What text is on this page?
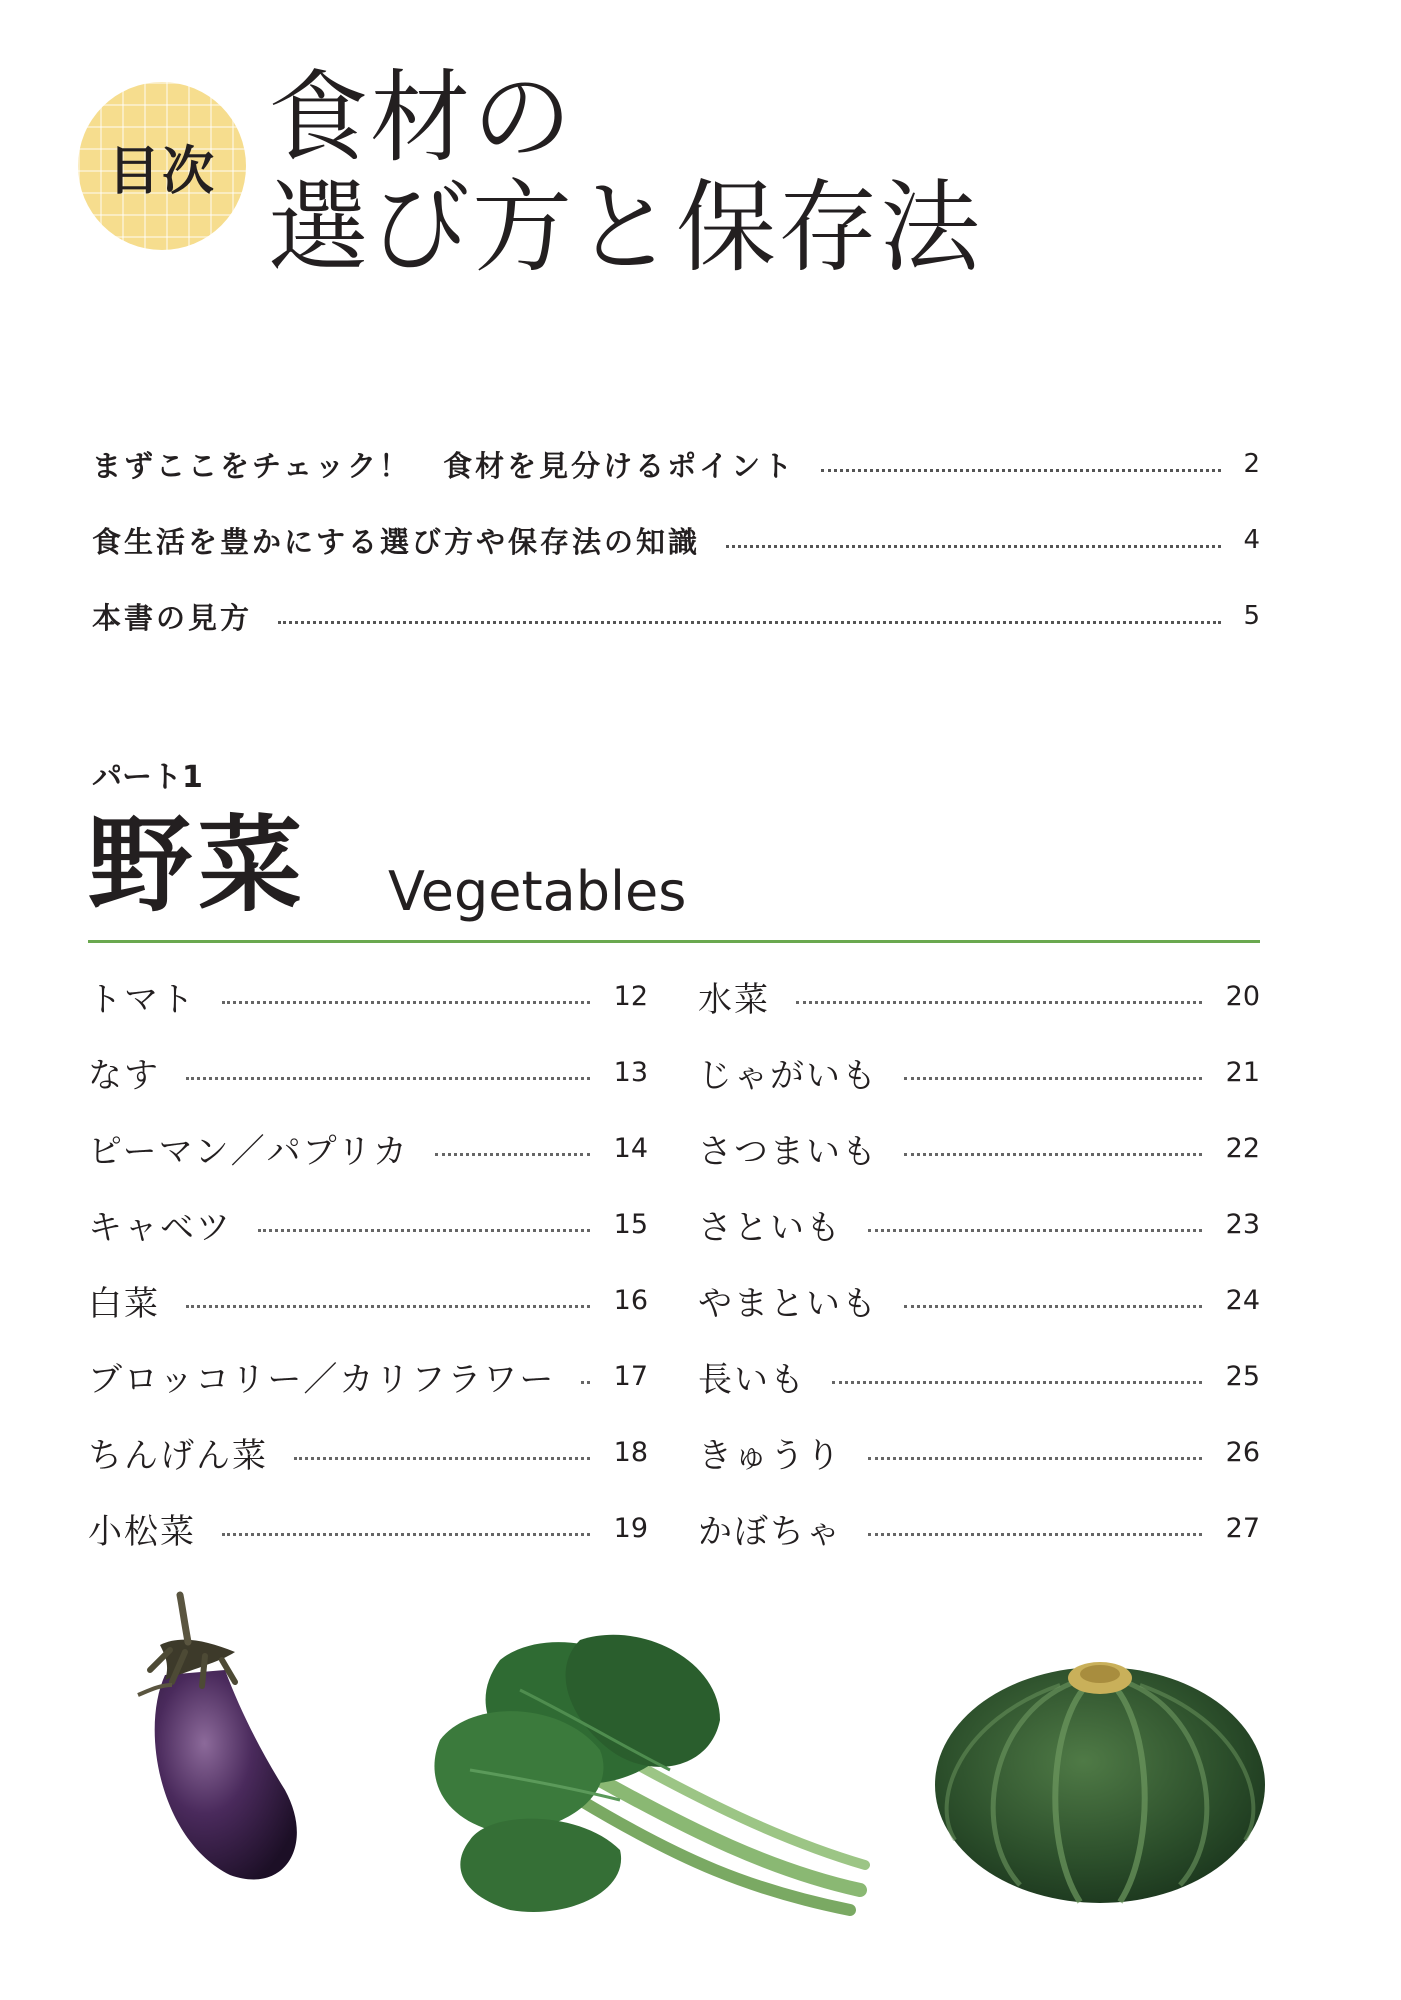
目次 食材の
選び方と保存法
まずここをチェック！　食材を見分けるポイント	2
食生活を豊かにする選び方や保存法の知識	4
本書の見方	5
パート1
野菜 Vegetables
トマト	12
なす	13
ピーマン／パプリカ	14
キャベツ	15
白菜	16
ブロッコリー／カリフラワー 17
ちんげん菜	18
小松菜	19
水菜	20
じゃがいも	21
さつまいも	22
さといも	23
やまといも	24
長いも	25
きゅうり	26
かぼちゃ	27
